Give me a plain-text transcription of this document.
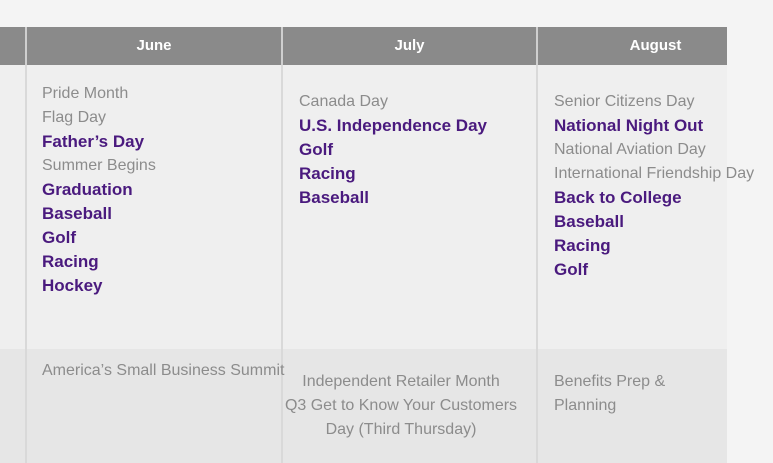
June	July	August
Pride Month
Flag Day
Father’s Day
Summer Begins
Graduation
Baseball
Golf
Racing
Hockey
Canada Day
U.S. Independence Day
Golf
Racing
Baseball
Senior Citizens Day
National Night Out
National Aviation Day
International Friendship Day
Back to College
Baseball
Racing
Golf
America’s Small Business Summit
Independent Retailer Month
Q3 Get to Know Your Customers
Day (Third Thursday)
Benefits Prep & Planning
